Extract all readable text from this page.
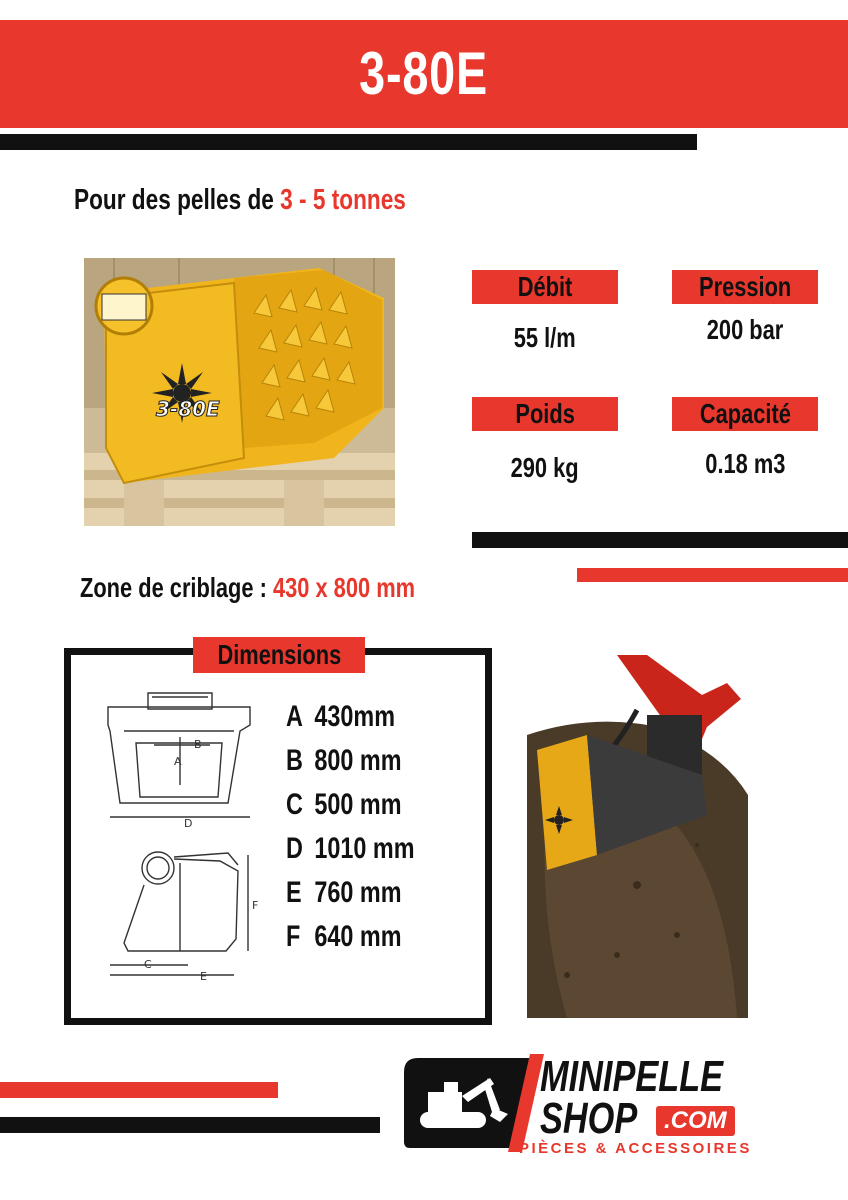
3-80E
Pour des pelles de 3 - 5 tonnes
3-80E
Débit
55 l/m
Pression
200 bar
Poids
290 kg
Capacité
0.18 m3
Zone de criblage : 430 x 800 mm
Dimensions
B
A
D
F
C
E
A 430mm
B 800 mm
C 500 mm
D 1010 mm
E 760 mm
F 640 mm
MINIPELLE
SHOP	.COM
PIÈCES & ACCESSOIRES
